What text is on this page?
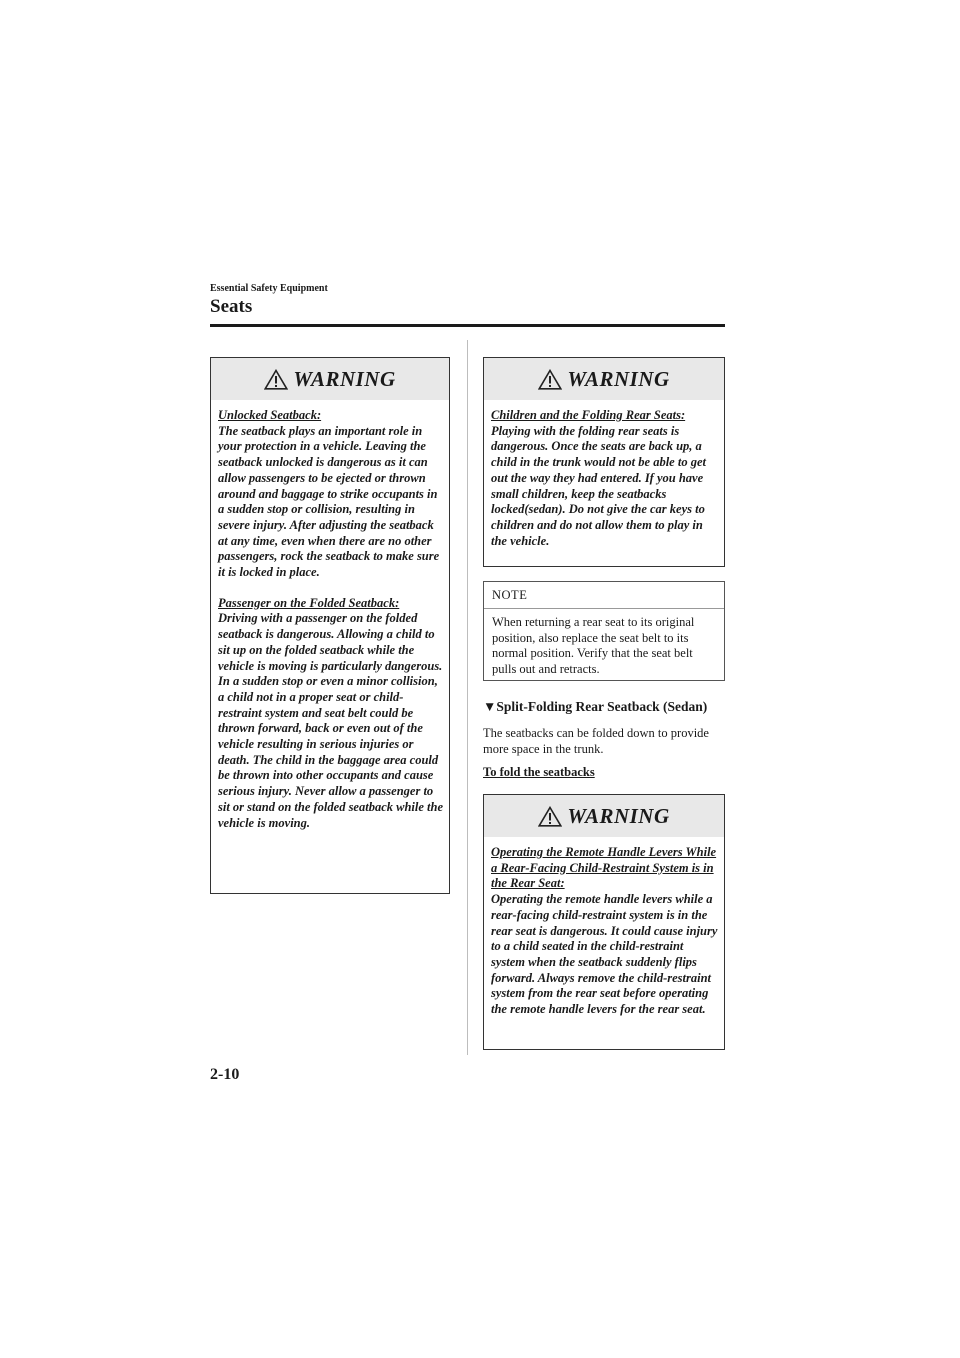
Essential Safety Equipment
Seats
WARNING

Unlocked Seatback:

The seatback plays an important role in your protection in a vehicle. Leaving the seatback unlocked is dangerous as it can allow passengers to be ejected or thrown around and baggage to strike occupants in a sudden stop or collision, resulting in severe injury. After adjusting the seatback at any time, even when there are no other passengers, rock the seatback to make sure it is locked in place.

Passenger on the Folded Seatback:

Driving with a passenger on the folded seatback is dangerous. Allowing a child to sit up on the folded seatback while the vehicle is moving is particularly dangerous. In a sudden stop or even a minor collision, a child not in a proper seat or child-restraint system and seat belt could be thrown forward, back or even out of the vehicle resulting in serious injuries or death. The child in the baggage area could be thrown into other occupants and cause serious injury. Never allow a passenger to sit or stand on the folded seatback while the vehicle is moving.

WARNING

Children and the Folding Rear Seats:

Playing with the folding rear seats is dangerous. Once the seats are back up, a child in the trunk would not be able to get out the way they had entered. If you have small children, keep the seatbacks locked(sedan). Do not give the car keys to children and do not allow them to play in the vehicle.

NOTE
When returning a rear seat to its original position, also replace the seat belt to its normal position. Verify that the seat belt pulls out and retracts.
▼Split-Folding Rear Seatback (Sedan)
The seatbacks can be folded down to provide more space in the trunk.
To fold the seatbacks
WARNING

Operating the Remote Handle Levers While a Rear-Facing Child-Restraint System is in the Rear Seat:

Operating the remote handle levers while a rear-facing child-restraint system is in the rear seat is dangerous. It could cause injury to a child seated in the child-restraint system when the seatback suddenly flips forward. Always remove the child-restraint system from the rear seat before operating the remote handle levers for the rear seat.

2-10
